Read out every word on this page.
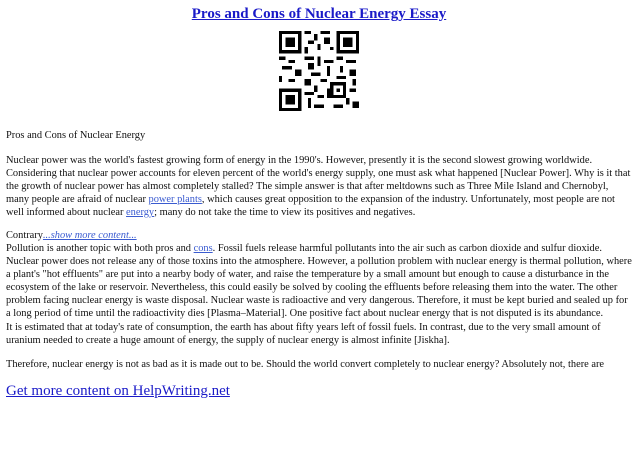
Pros and Cons of Nuclear Energy Essay
Pros and Cons of Nuclear Energy
Nuclear power was the world's fastest growing form of energy in the 1990's. However, presently it is the second slowest growing worldwide. Considering that nuclear power accounts for eleven percent of the world's energy supply, one must ask what happened [Nuclear Power]. Why is it that the growth of nuclear power has almost completely stalled? The simple answer is that after meltdowns such as Three Mile Island and Chernobyl, many people are afraid of nuclear power plants, which causes great opposition to the expansion of the industry. Unfortunately, most people are not well informed about nuclear energy; many do not take the time to view its positives and negatives.
Contrary...show more content...
Pollution is another topic with both pros and cons. Fossil fuels release harmful pollutants into the air such as carbon dioxide and sulfur dioxide. Nuclear power does not release any of those toxins into the atmosphere. However, a pollution problem with nuclear energy is thermal pollution, where a plant's "hot effluents" are put into a nearby body of water, and raise the temperature by a small amount but enough to cause a disturbance in the ecosystem of the lake or reservoir. Nevertheless, this could easily be solved by cooling the effluents before releasing them into the water. The other problem facing nuclear energy is waste disposal. Nuclear waste is radioactive and very dangerous. Therefore, it must be kept buried and sealed up for a long period of time until the radioactivity dies [Plasma–Material]. One positive fact about nuclear energy that is not disputed is its abundance.
It is estimated that at today's rate of consumption, the earth has about fifty years left of fossil fuels. In contrast, due to the very small amount of uranium needed to create a huge amount of energy, the supply of nuclear energy is almost infinite [Jiskha].
Therefore, nuclear energy is not as bad as it is made out to be. Should the world convert completely to nuclear energy? Absolutely not, there are
Get more content on HelpWriting.net
